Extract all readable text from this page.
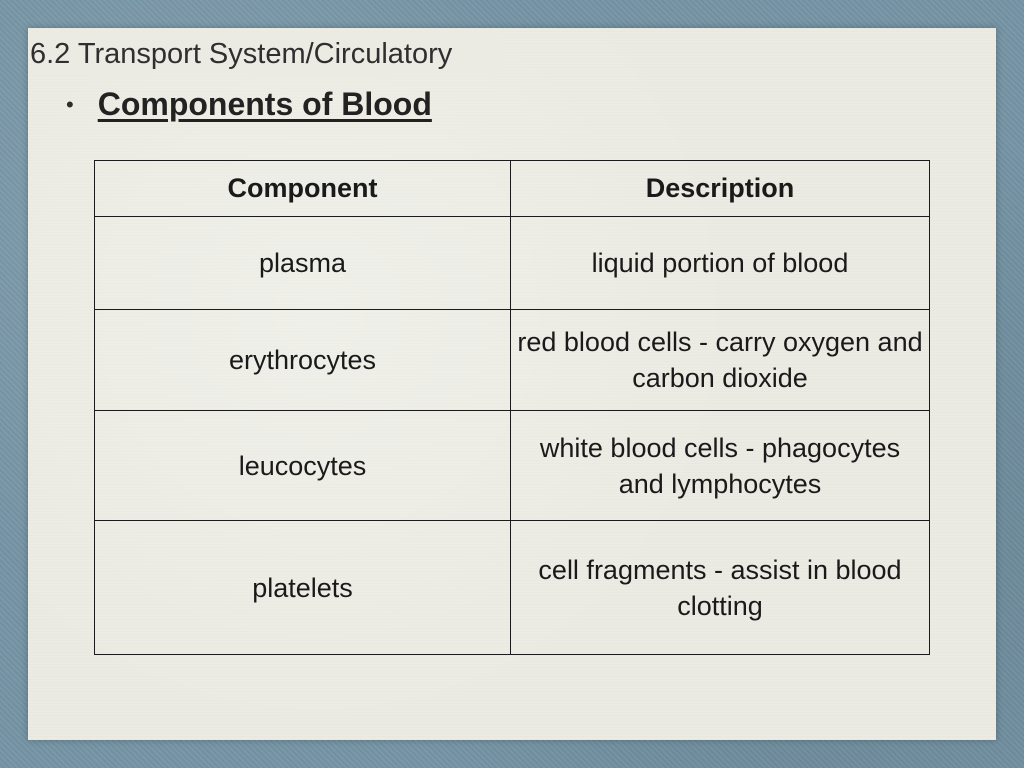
6.2 Transport System/Circulatory
• Components of Blood
Component	Description
plasma	liquid portion of blood
erythrocytes	red blood cells - carry oxygen and carbon dioxide
leucocytes	white blood cells - phagocytes and lymphocytes
platelets	cell fragments - assist in blood clotting
